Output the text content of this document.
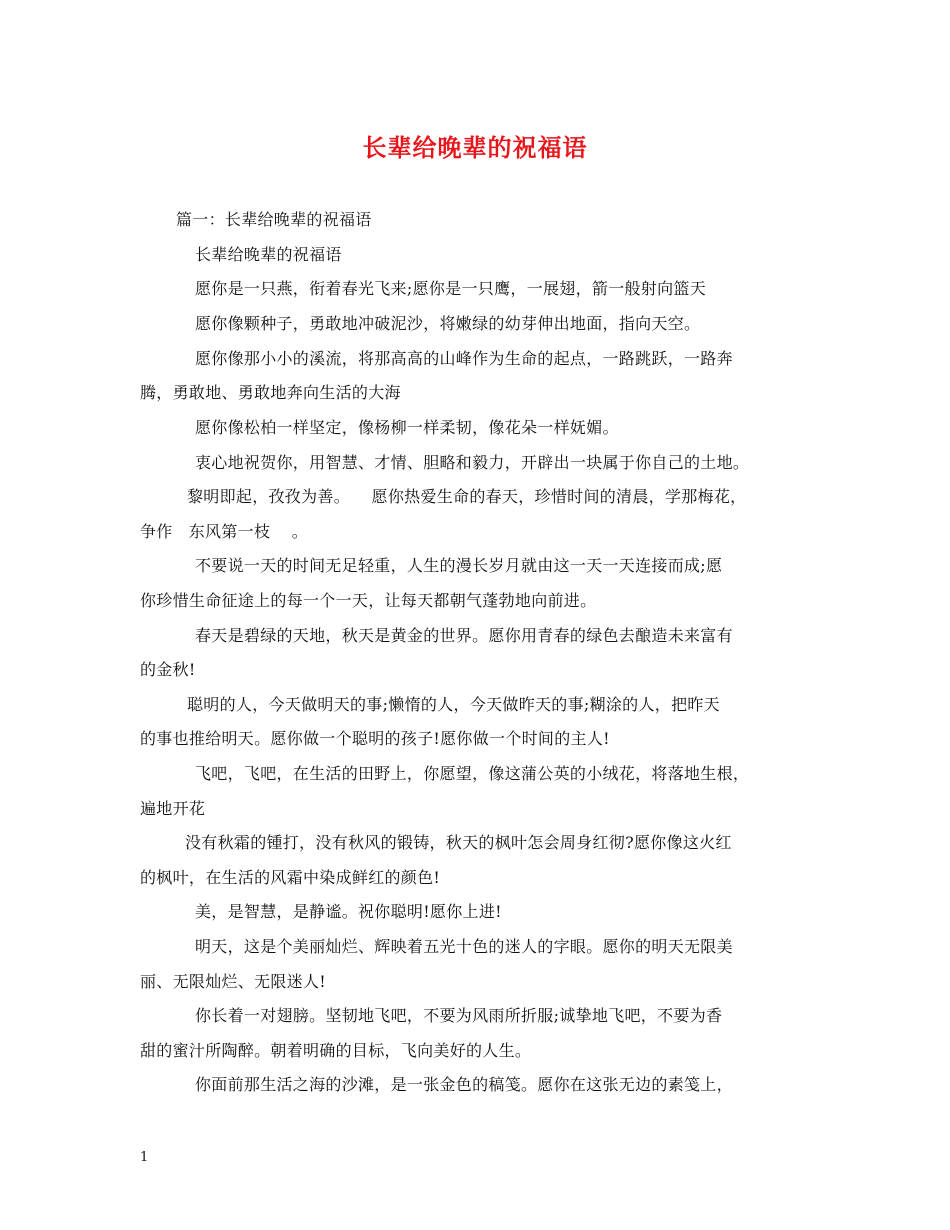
长辈给晚辈的祝福语
篇一：长辈给晚辈的祝福语
长辈给晚辈的祝福语
愿你是一只燕，衔着春光飞来;愿你是一只鹰，一展翅，箭一般射向篮天
愿你像颗种子，勇敢地冲破泥沙，将嫩绿的幼芽伸出地面，指向天空。
愿你像那小小的溪流，将那高高的山峰作为生命的起点，一路跳跃，一路奔
腾，勇敢地、勇敢地奔向生活的大海
愿你像松柏一样坚定，像杨柳一样柔韧，像花朵一样妩媚。
衷心地祝贺你，用智慧、才情、胆略和毅力，开辟出一块属于你自己的土地。
黎明即起，孜孜为善。    愿你热爱生命的春天，珍惜时间的清晨，学那梅花，
争作   东风第一枝    。
不要说一天的时间无足轻重，人生的漫长岁月就由这一天一天连接而成;愿
你珍惜生命征途上的每一个一天，让每天都朝气蓬勃地向前进。
春天是碧绿的天地，秋天是黄金的世界。愿你用青春的绿色去酿造未来富有
的金秋!
聪明的人，今天做明天的事;懒惰的人，今天做昨天的事;糊涂的人，把昨天
的事也推给明天。愿你做一个聪明的孩子!愿你做一个时间的主人!
飞吧，飞吧，在生活的田野上，你愿望，像这蒲公英的小绒花，将落地生根，
遍地开花
没有秋霜的锺打，没有秋风的锻铸，秋天的枫叶怎会周身红彻?愿你像这火红
的枫叶，在生活的风霜中染成鲜红的颜色!
美，是智慧，是静谧。祝你聪明!愿你上进!
明天，这是个美丽灿烂、辉映着五光十色的迷人的字眼。愿你的明天无限美
丽、无限灿烂、无限迷人!
你长着一对翅膀。坚韧地飞吧，不要为风雨所折服;诚挚地飞吧，不要为香
甜的蜜汁所陶醉。朝着明确的目标，飞向美好的人生。
你面前那生活之海的沙滩，是一张金色的稿笺。愿你在这张无边的素笺上，
1
